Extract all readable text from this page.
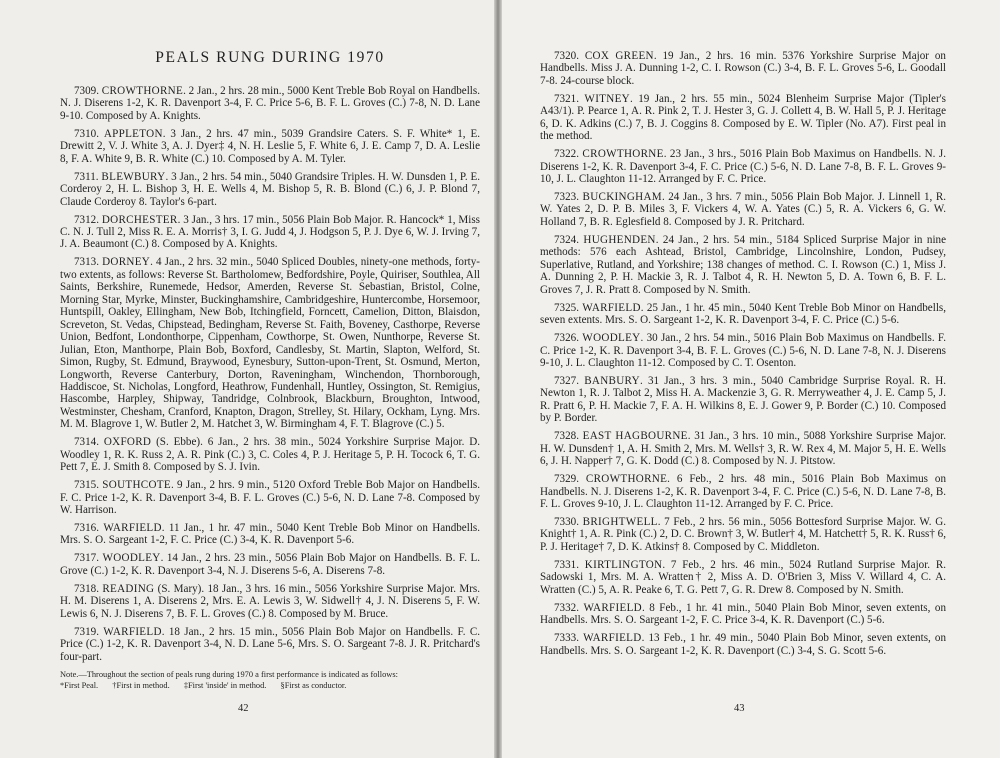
PEALS RUNG DURING 1970
7309. CROWTHORNE. 2 Jan., 2 hrs. 28 min., 5000 Kent Treble Bob Royal on Handbells. N. J. Diserens 1-2, K. R. Davenport 3-4, F. C. Price 5-6, B. F. L. Groves (C.) 7-8, N. D. Lane 9-10. Composed by A. Knights.
7310. APPLETON. 3 Jan., 2 hrs. 47 min., 5039 Grandsire Caters. S. F. White* 1, E. Drewitt 2, V. J. White 3, A. J. Dyer‡ 4, N. H. Leslie 5, F. White 6, J. E. Camp 7, D. A. Leslie 8, F. A. White 9, B. R. White (C.) 10. Composed by A. M. Tyler.
7311. BLEWBURY. 3 Jan., 2 hrs. 54 min., 5040 Grandsire Triples. H. W. Dunsden 1, P. E. Corderoy 2, H. L. Bishop 3, H. E. Wells 4, M. Bishop 5, R. B. Blond (C.) 6, J. P. Blond 7, Claude Corderoy 8. Taylor's 6-part.
7312. DORCHESTER. 3 Jan., 3 hrs. 17 min., 5056 Plain Bob Major. R. Hancock* 1, Miss C. N. J. Tull 2, Miss R. E. A. Morris† 3, I. G. Judd 4, J. Hodgson 5, P. J. Dye 6, W. J. Irving 7, J. A. Beaumont (C.) 8. Composed by A. Knights.
7313. DORNEY. 4 Jan., 2 hrs. 32 min., 5040 Spliced Doubles, ninety-one methods, forty-two extents, as follows: Reverse St. Bartholomew, Bedfordshire, Poyle, Quiriser, Southlea, All Saints, Berkshire, Runemede, Hedsor, Amerden, Reverse St. Sebastian, Bristol, Colne, Morning Star, Myrke, Minster, Buckinghamshire, Cambridgeshire, Huntercombe, Horsemoor, Huntspill, Oakley, Ellingham, New Bob, Itchingfield, Forncett, Camelion, Ditton, Blaisdon, Screveton, St. Vedas, Chipstead, Bedingham, Reverse St. Faith, Boveney, Casthorpe, Reverse Union, Bedfont, Londonthorpe, Cippenham, Cowthorpe, St. Owen, Nunthorpe, Reverse St. Julian, Eton, Manthorpe, Plain Bob, Boxford, Candlesby, St. Martin, Slapton, Welford, St. Simon, Rugby, St. Edmund, Braywood, Eynesbury, Sutton-upon-Trent, St. Osmund, Merton, Longworth, Reverse Canterbury, Dorton, Raveningham, Winchendon, Thornborough, Haddiscoe, St. Nicholas, Longford, Heathrow, Fundenhall, Huntley, Ossington, St. Remigius, Hascombe, Harpley, Shipway, Tandridge, Colnbrook, Blackburn, Broughton, Intwood, Westminster, Chesham, Cranford, Knapton, Dragon, Strelley, St. Hilary, Ockham, Lyng. Mrs. M. M. Blagrove 1, W. Butler 2, M. Hatchet 3, W. Birmingham 4, F. T. Blagrove (C.) 5.
7314. OXFORD (S. Ebbe). 6 Jan., 2 hrs. 38 min., 5024 Yorkshire Surprise Major. D. Woodley 1, R. K. Russ 2, A. R. Pink (C.) 3, C. Coles 4, P. J. Heritage 5, P. H. Tocock 6, T. G. Pett 7, E. J. Smith 8. Composed by S. J. Ivin.
7315. SOUTHCOTE. 9 Jan., 2 hrs. 9 min., 5120 Oxford Treble Bob Major on Handbells. F. C. Price 1-2, K. R. Davenport 3-4, B. F. L. Groves (C.) 5-6, N. D. Lane 7-8. Composed by W. Harrison.
7316. WARFIELD. 11 Jan., 1 hr. 47 min., 5040 Kent Treble Bob Minor on Handbells. Mrs. S. O. Sargeant 1-2, F. C. Price (C.) 3-4, K. R. Davenport 5-6.
7317. WOODLEY. 14 Jan., 2 hrs. 23 min., 5056 Plain Bob Major on Handbells. B. F. L. Grove (C.) 1-2, K. R. Davenport 3-4, N. J. Diserens 5-6, A. Diserens 7-8.
7318. READING (S. Mary). 18 Jan., 3 hrs. 16 min., 5056 Yorkshire Surprise Major. Mrs. H. M. Diserens 1, A. Diserens 2, Mrs. E. A. Lewis 3, W. Sidwell† 4, J. N. Diserens 5, F. W. Lewis 6, N. J. Diserens 7, B. F. L. Groves (C.) 8. Composed by M. Bruce.
7319. WARFIELD. 18 Jan., 2 hrs. 15 min., 5056 Plain Bob Major on Handbells. F. C. Price (C.) 1-2, K. R. Davenport 3-4, N. D. Lane 5-6, Mrs. S. O. Sargeant 7-8. J. R. Pritchard's four-part.
Note.—Throughout the section of peals rung during 1970 a first performance is indicated as follows:
*First Peal. †First in method. ‡First 'inside' in method. §First as conductor.
42
7320. COX GREEN. 19 Jan., 2 hrs. 16 min. 5376 Yorkshire Surprise Major on Handbells. Miss J. A. Dunning 1-2, C. I. Rowson (C.) 3-4, B. F. L. Groves 5-6, L. Goodall 7-8. 24-course block.
7321. WITNEY. 19 Jan., 2 hrs. 55 min., 5024 Blenheim Surprise Major (Tipler's A43/1). P. Pearce 1, A. R. Pink 2, T. J. Hester 3, G. J. Collett 4, B. W. Hall 5, P. J. Heritage 6, D. K. Adkins (C.) 7, B. J. Coggins 8. Composed by E. W. Tipler (No. A7). First peal in the method.
7322. CROWTHORNE. 23 Jan., 3 hrs., 5016 Plain Bob Maximus on Handbells. N. J. Diserens 1-2, K. R. Davenport 3-4, F. C. Price (C.) 5-6, N. D. Lane 7-8, B. F. L. Groves 9-10, J. L. Claughton 11-12. Arranged by F. C. Price.
7323. BUCKINGHAM. 24 Jan., 3 hrs. 7 min., 5056 Plain Bob Major. J. Linnell 1, R. W. Yates 2, D. P. B. Miles 3, F. Vickers 4, W. A. Yates (C.) 5, R. A. Vickers 6, G. W. Holland 7, B. R. Eglesfield 8. Composed by J. R. Pritchard.
7324. HUGHENDEN. 24 Jan., 2 hrs. 54 min., 5184 Spliced Surprise Major in nine methods: 576 each Ashtead, Bristol, Cambridge, Lincolnshire, London, Pudsey, Superlative, Rutland, and Yorkshire; 138 changes of method. C. I. Rowson (C.) 1, Miss J. A. Dunning 2, P. H. Mackie 3, R. J. Talbot 4, R. H. Newton 5, D. A. Town 6, B. F. L. Groves 7, J. R. Pratt 8. Composed by N. Smith.
7325. WARFIELD. 25 Jan., 1 hr. 45 min., 5040 Kent Treble Bob Minor on Handbells, seven extents. Mrs. S. O. Sargeant 1-2, K. R. Davenport 3-4, F. C. Price (C.) 5-6.
7326. WOODLEY. 30 Jan., 2 hrs. 54 min., 5016 Plain Bob Maximus on Handbells. F. C. Price 1-2, K. R. Davenport 3-4, B. F. L. Groves (C.) 5-6, N. D. Lane 7-8, N. J. Diserens 9-10, J. L. Claughton 11-12. Composed by C. T. Osenton.
7327. BANBURY. 31 Jan., 3 hrs. 3 min., 5040 Cambridge Surprise Royal. R. H. Newton 1, R. J. Talbot 2, Miss H. A. Mackenzie 3, G. R. Merryweather 4, J. E. Camp 5, J. R. Pratt 6, P. H. Mackie 7, F. A. H. Wilkins 8, E. J. Gower 9, P. Border (C.) 10. Composed by P. Border.
7328. EAST HAGBOURNE. 31 Jan., 3 hrs. 10 min., 5088 Yorkshire Surprise Major. H. W. Dunsden† 1, A. H. Smith 2, Mrs. M. Wells† 3, R. W. Rex 4, M. Major 5, H. E. Wells 6, J. H. Napper† 7, G. K. Dodd (C.) 8. Composed by N. J. Pitstow.
7329. CROWTHORNE. 6 Feb., 2 hrs. 48 min., 5016 Plain Bob Maximus on Handbells. N. J. Diserens 1-2, K. R. Davenport 3-4, F. C. Price (C.) 5-6, N. D. Lane 7-8, B. F. L. Groves 9-10, J. L. Claughton 11-12. Arranged by F. C. Price.
7330. BRIGHTWELL. 7 Feb., 2 hrs. 56 min., 5056 Bottesford Surprise Major. W. G. Knight† 1, A. R. Pink (C.) 2, D. C. Brown† 3, W. Butler† 4, M. Hatchett† 5, R. K. Russ† 6, P. J. Heritage† 7, D. K. Atkins† 8. Composed by C. Middleton.
7331. KIRTLINGTON. 7 Feb., 2 hrs. 46 min., 5024 Rutland Surprise Major. R. Sadowski 1, Mrs. M. A. Wratten† 2, Miss A. D. O'Brien 3, Miss V. Willard 4, C. A. Wratten (C.) 5, A. R. Peake 6, T. G. Pett 7, G. R. Drew 8. Composed by N. Smith.
7332. WARFIELD. 8 Feb., 1 hr. 41 min., 5040 Plain Bob Minor, seven extents, on Handbells. Mrs. S. O. Sargeant 1-2, F. C. Price 3-4, K. R. Davenport (C.) 5-6.
7333. WARFIELD. 13 Feb., 1 hr. 49 min., 5040 Plain Bob Minor, seven extents, on Handbells. Mrs. S. O. Sargeant 1-2, K. R. Davenport (C.) 3-4, S. G. Scott 5-6.
43
